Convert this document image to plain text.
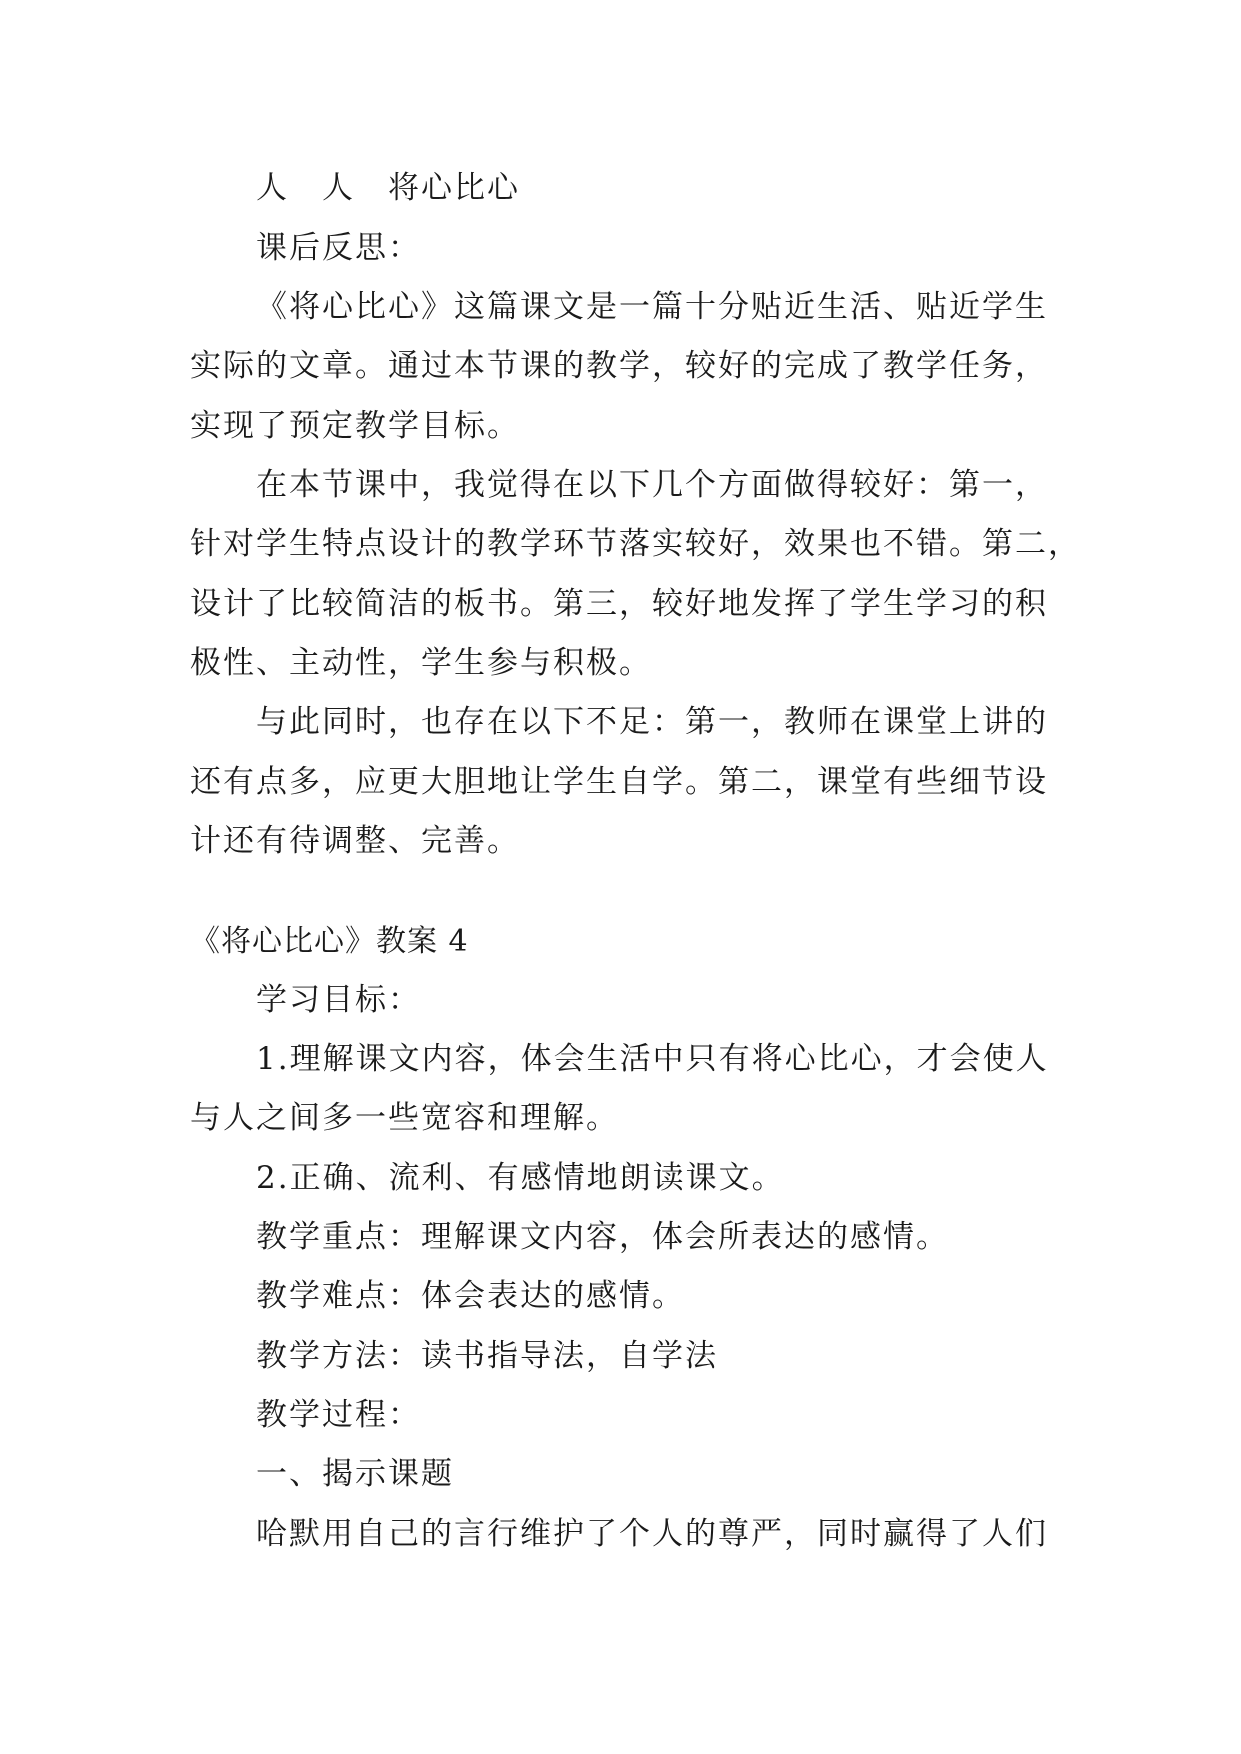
人　人　将心比心
课后反思：
《将心比心》这篇课文是一篇十分贴近生活、贴近学生
实际的文章。通过本节课的教学，较好的完成了教学任务，
实现了预定教学目标。
在本节课中，我觉得在以下几个方面做得较好：第一，
针对学生特点设计的教学环节落实较好，效果也不错。第二，
设计了比较简洁的板书。第三，较好地发挥了学生学习的积
极性、主动性，学生参与积极。
与此同时，也存在以下不足：第一，教师在课堂上讲的
还有点多，应更大胆地让学生自学。第二，课堂有些细节设
计还有待调整、完善。
《将心比心》教案 4
学习目标：
1.理解课文内容，体会生活中只有将心比心，才会使人
与人之间多一些宽容和理解。
2.正确、流利、有感情地朗读课文。
教学重点：理解课文内容，体会所表达的感情。
教学难点：体会表达的感情。
教学方法：读书指导法，自学法
教学过程：
一、揭示课题
哈默用自己的言行维护了个人的尊严，同时赢得了人们
